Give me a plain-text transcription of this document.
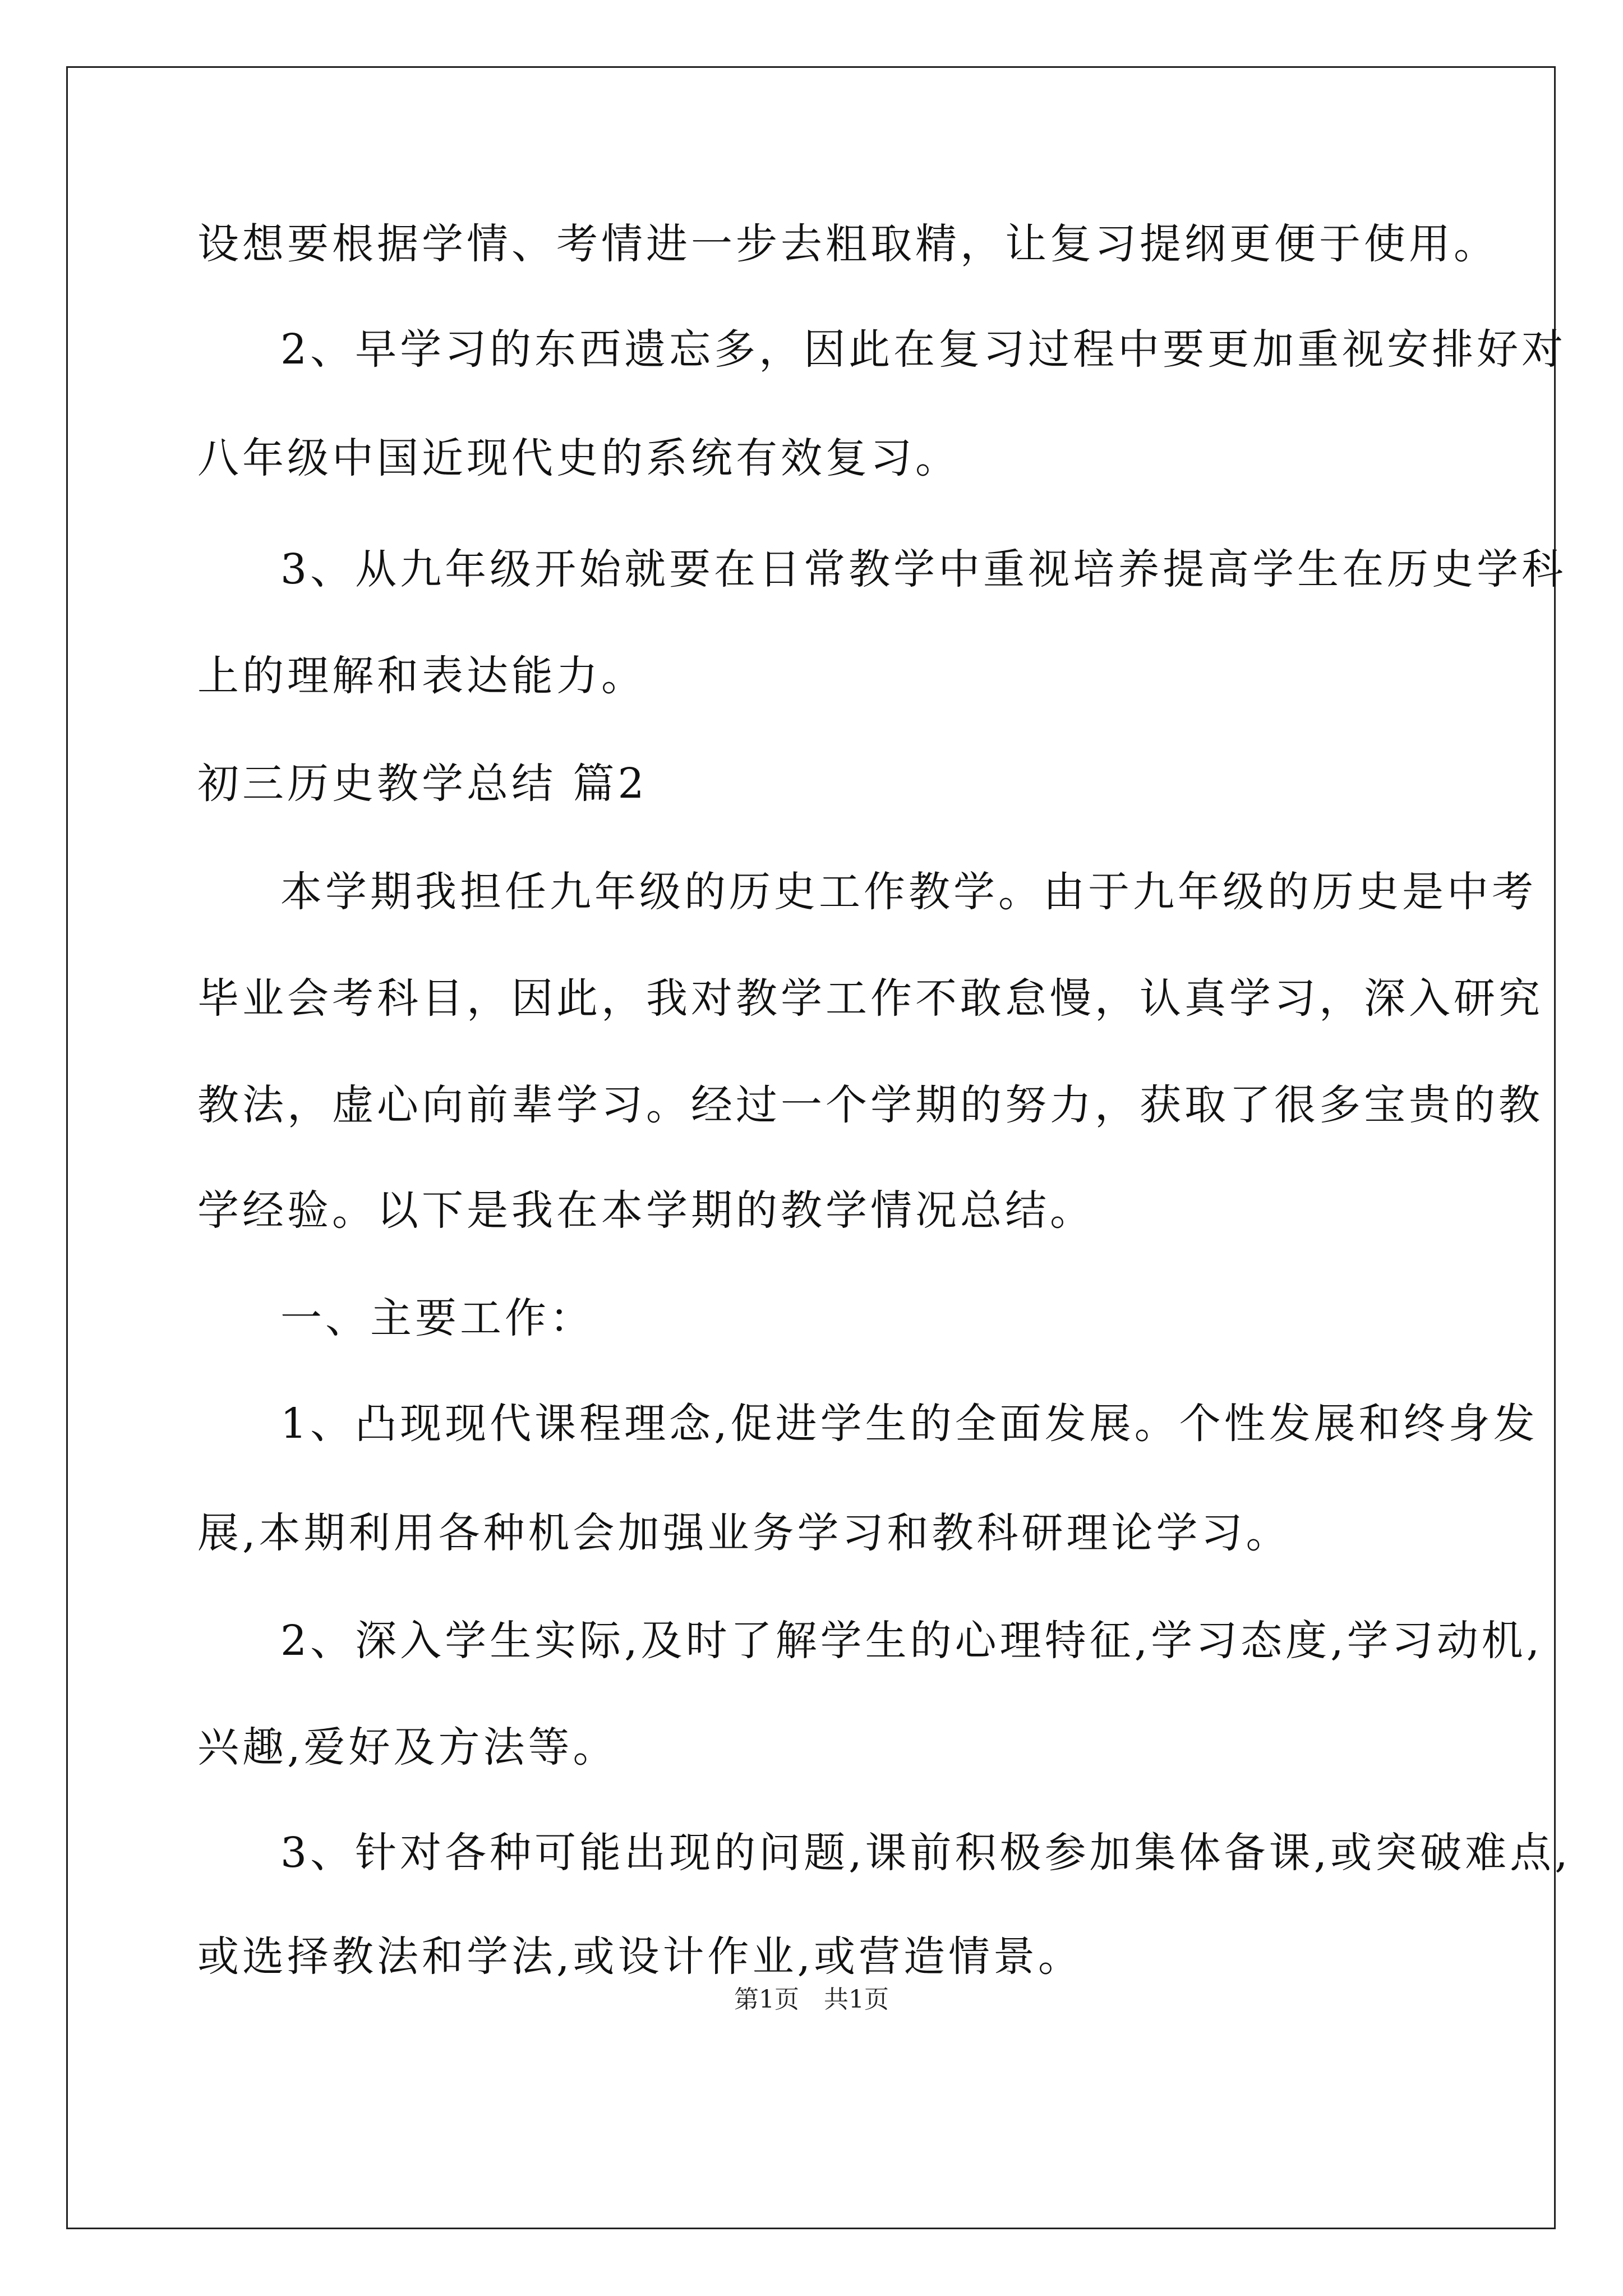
设想要根据学情、考情进一步去粗取精，让复习提纲更便于使用。
2、早学习的东西遗忘多，因此在复习过程中要更加重视安排好对
八年级中国近现代史的系统有效复习。
3、从九年级开始就要在日常教学中重视培养提高学生在历史学科
上的理解和表达能力。
初三历史教学总结 篇2
本学期我担任九年级的历史工作教学。由于九年级的历史是中考
毕业会考科目，因此，我对教学工作不敢怠慢，认真学习，深入研究
教法，虚心向前辈学习。经过一个学期的努力，获取了很多宝贵的教
学经验。以下是我在本学期的教学情况总结。
一、主要工作：
1、凸现现代课程理念,促进学生的全面发展。个性发展和终身发
展,本期利用各种机会加强业务学习和教科研理论学习。
2、深入学生实际,及时了解学生的心理特征,学习态度,学习动机,
兴趣,爱好及方法等。
3、针对各种可能出现的问题,课前积极参加集体备课,或突破难点,
或选择教法和学法,或设计作业,或营造情景。
第1页　共1页
